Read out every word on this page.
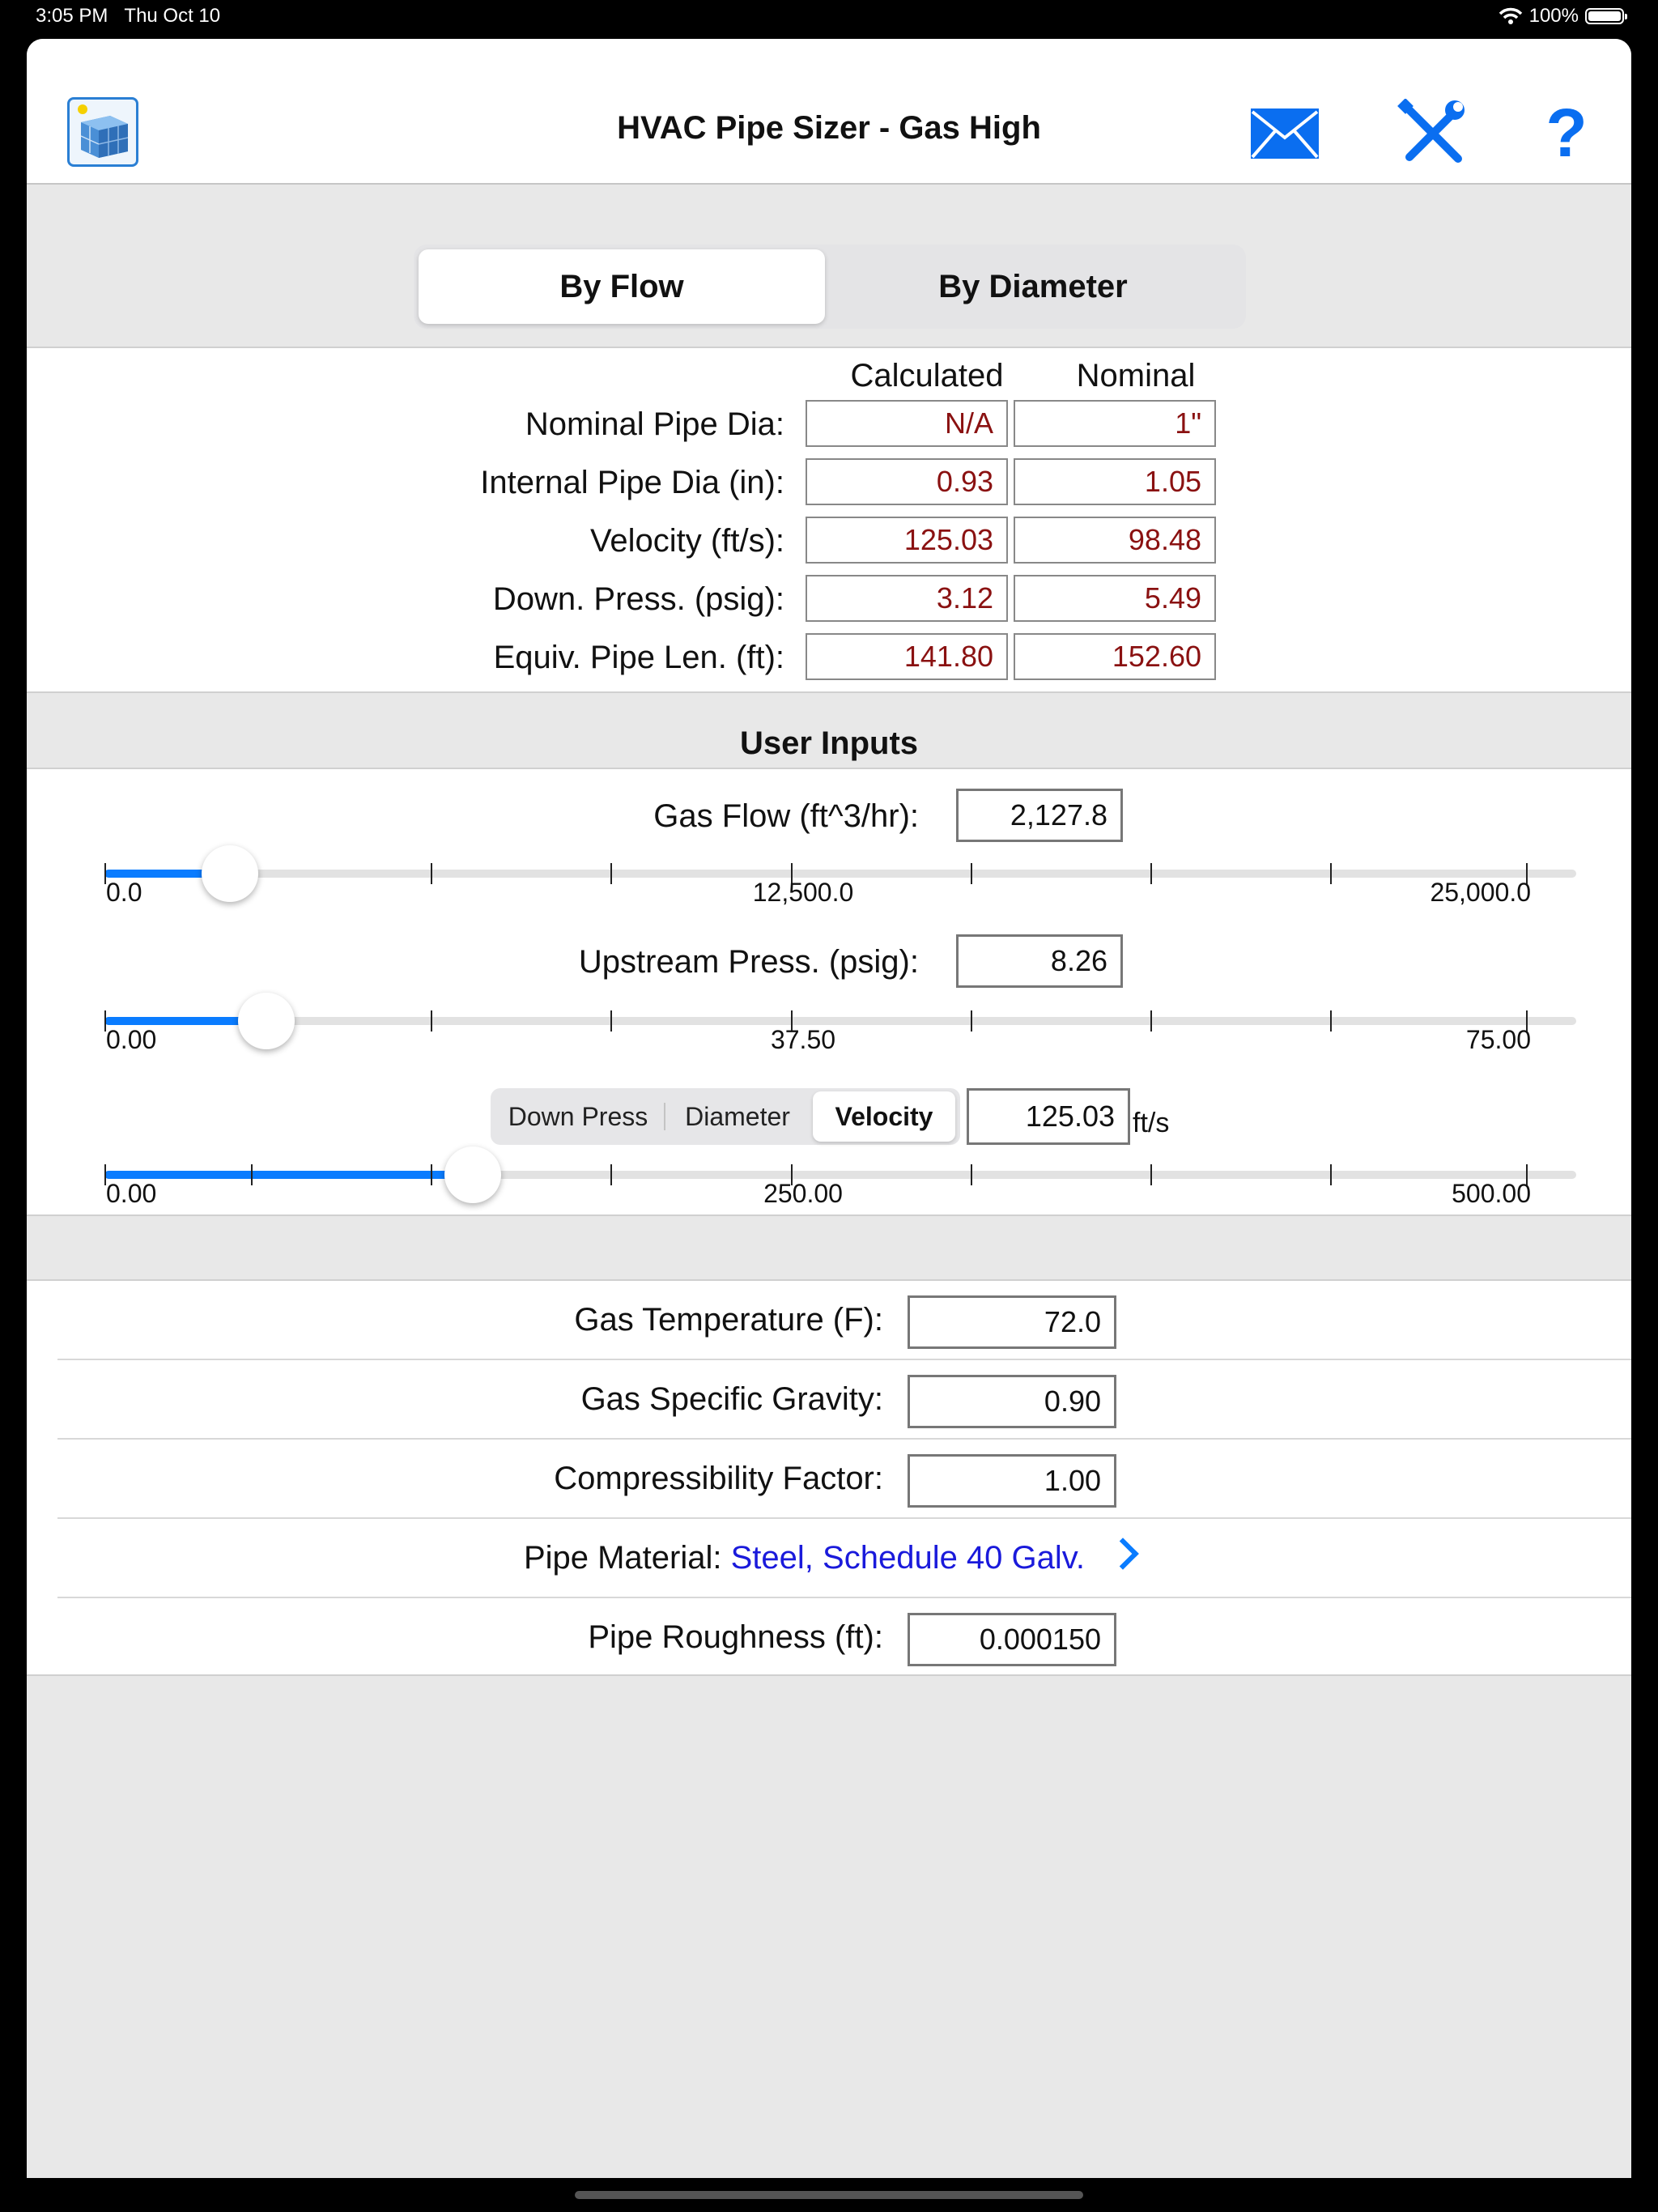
3:05 PM Thu Oct 10	100%
HVAC Pipe Sizer - Gas High	?
By Flow	By Diameter
Calculated	Nominal
Nominal Pipe Dia:	N/A	1"
Internal Pipe Dia (in):	0.93	1.05
Velocity (ft/s):	125.03	98.48
Down. Press. (psig):	3.12	5.49
Equiv. Pipe Len. (ft):	141.80	152.60
User Inputs
Gas Flow (ft^3/hr):	2,127.8
0.0	12,500.0	25,000.0
Upstream Press. (psig):	8.26
0.00	37.50	75.00
Down Press	Diameter	Velocity	125.03 ft/s
0.00	250.00	500.00
Gas Temperature (F):	72.0
Gas Specific Gravity:	0.90
Compressibility Factor:	1.00
Pipe Material: Steel, Schedule 40 Galv.
Pipe Roughness (ft):	0.000150
